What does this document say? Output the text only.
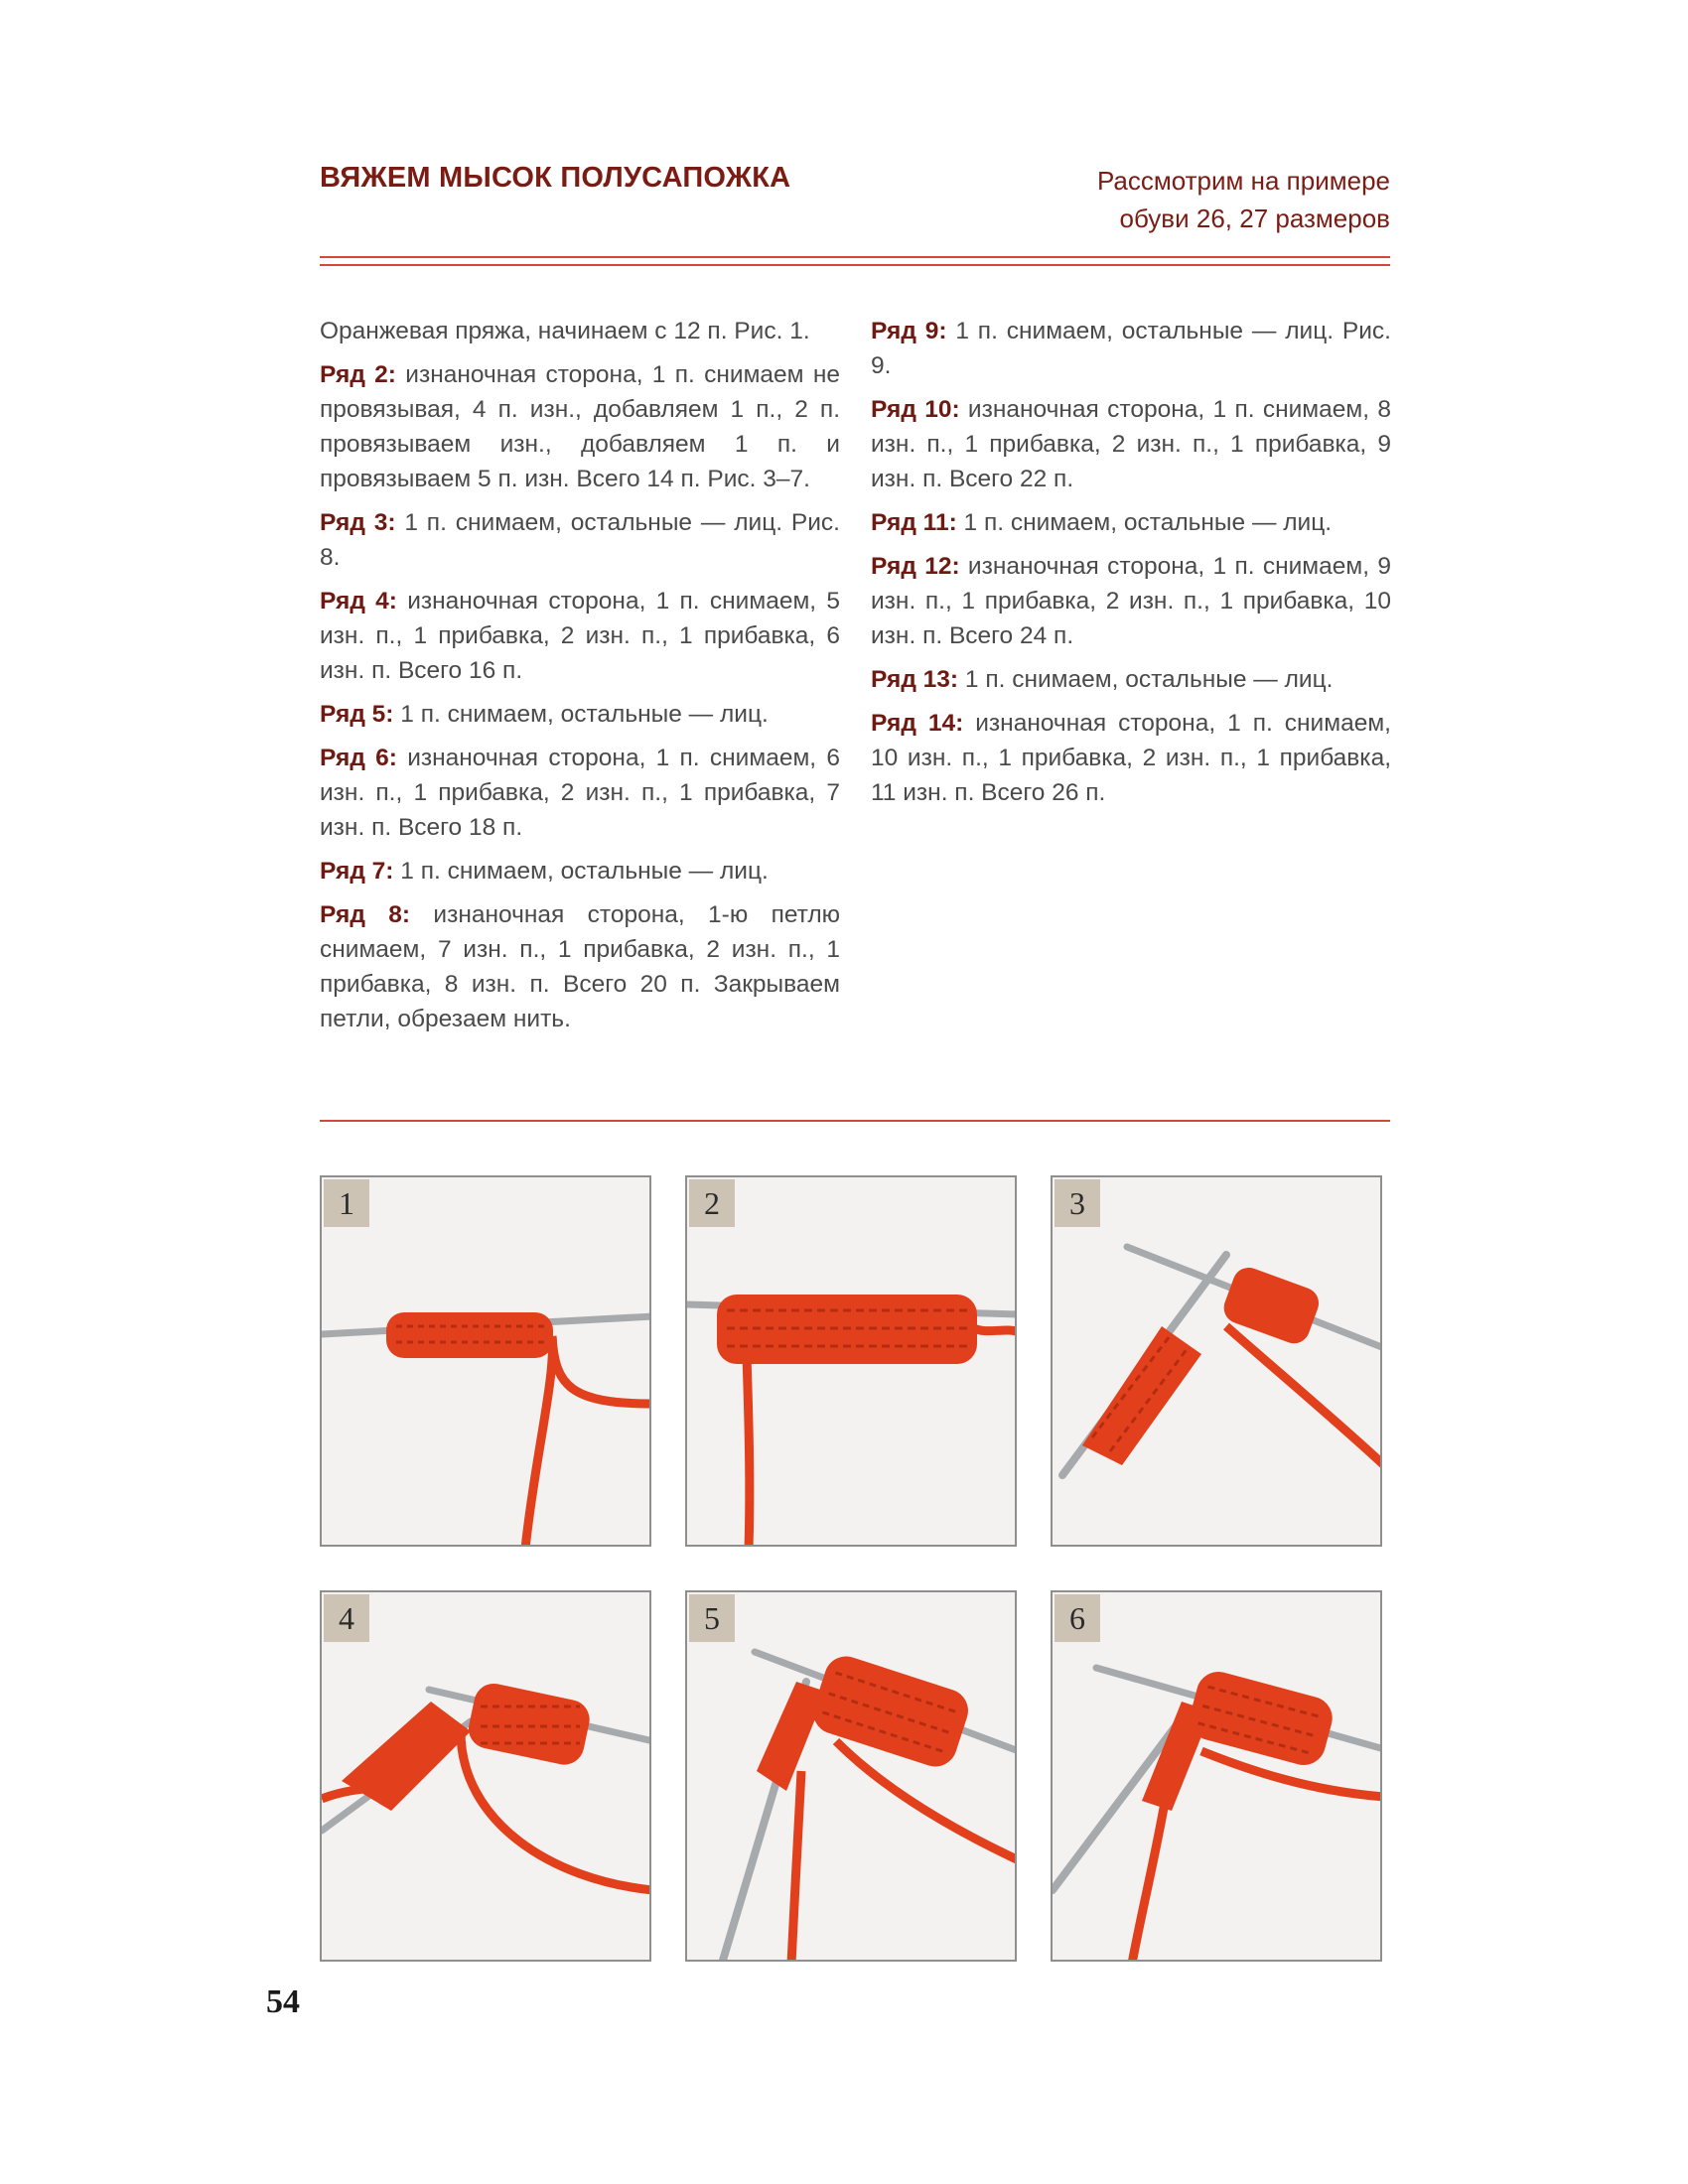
ВЯЖЕМ МЫСОК ПОЛУСАПОЖКА	Рассмотрим на примере
обуви 26, 27 размеров

Оранжевая пряжа, начинаем с 12 п. Рис. 1.

Ряд 2: изнаночная сторона, 1 п. снимаем не провязывая, 4 п. изн., добавляем 1 п., 2 п. провязываем изн., добавляем 1 п. и провязываем 5 п. изн. Всего 14 п. Рис. 3–7.

Ряд 3: 1 п. снимаем, остальные — лиц. Рис. 8.

Ряд 4: изнаночная сторона, 1 п. снимаем, 5 изн. п., 1 прибавка, 2 изн. п., 1 прибавка, 6 изн. п. Всего 16 п.

Ряд 5: 1 п. снимаем, остальные — лиц.

Ряд 6: изнаночная сторона, 1 п. снимаем, 6 изн. п., 1 прибавка, 2 изн. п., 1 прибавка, 7 изн. п. Всего 18 п.

Ряд 7: 1 п. снимаем, остальные — лиц.

Ряд 8: изнаночная сторона, 1-ю петлю снимаем, 7 изн. п., 1 прибавка, 2 изн. п., 1 прибавка, 8 изн. п. Всего 20 п. Закрываем петли, обрезаем нить.

Ряд 9: 1 п. снимаем, остальные — лиц. Рис. 9.

Ряд 10: изнаночная сторона, 1 п. снимаем, 8 изн. п., 1 прибавка, 2 изн. п., 1 прибавка, 9 изн. п. Всего 22 п.

Ряд 11: 1 п. снимаем, остальные — лиц.

Ряд 12: изнаночная сторона, 1 п. снимаем, 9 изн. п., 1 прибавка, 2 изн. п., 1 прибавка, 10 изн. п. Всего 24 п.

Ряд 13: 1 п. снимаем, остальные — лиц.

Ряд 14: изнаночная сторона, 1 п. снимаем, 10 изн. п., 1 прибавка, 2 изн. п., 1 прибавка, 11 изн. п. Всего 26 п.

1	2	3
4	5	6
54
